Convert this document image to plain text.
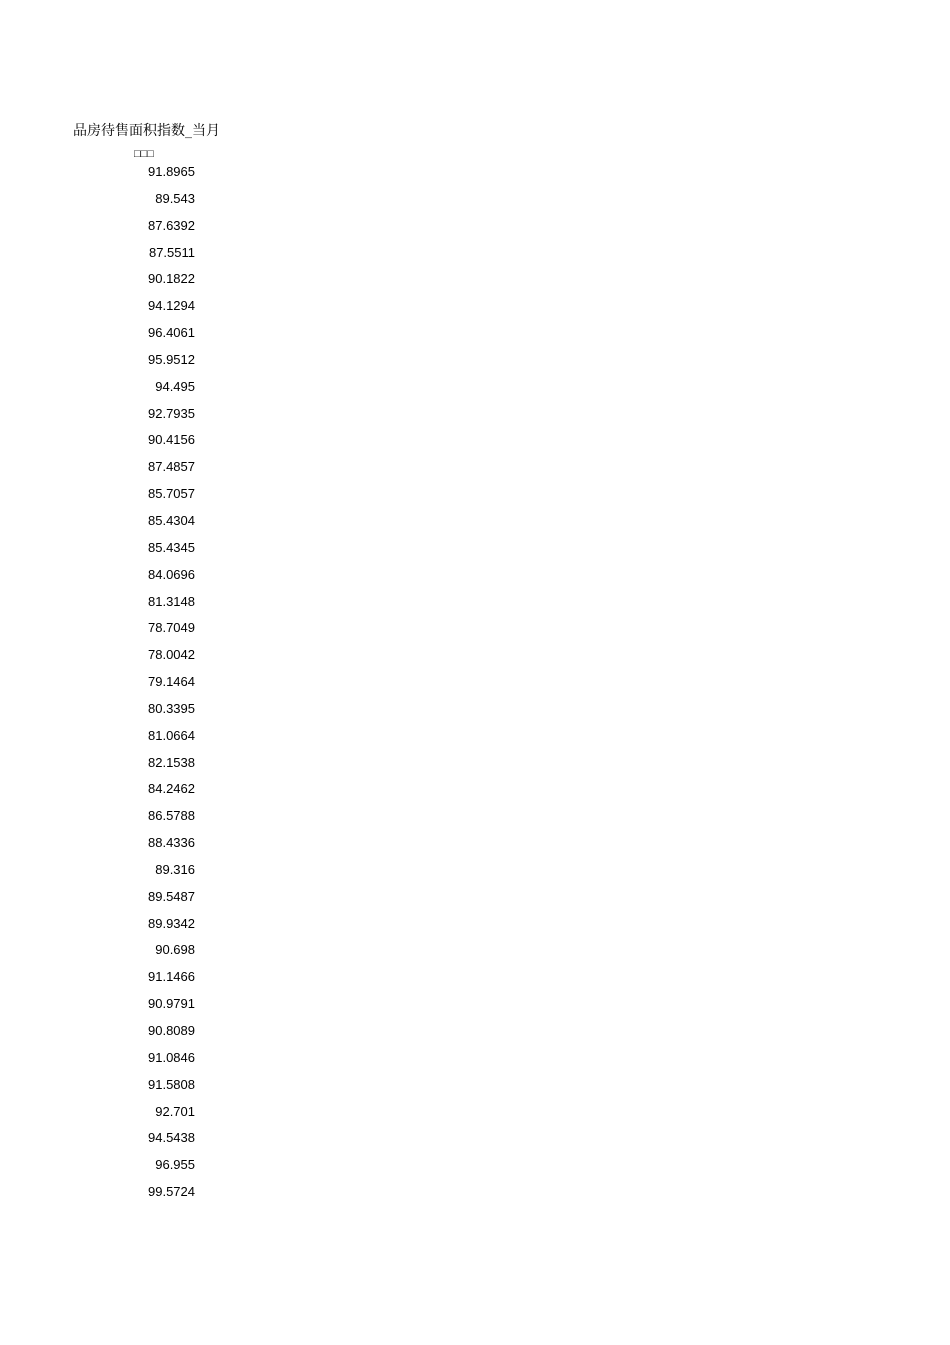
品房待售面积指数_当月
□□□
91.8965
89.543
87.6392
87.5511
90.1822
94.1294
96.4061
95.9512
94.495
92.7935
90.4156
87.4857
85.7057
85.4304
85.4345
84.0696
81.3148
78.7049
78.0042
79.1464
80.3395
81.0664
82.1538
84.2462
86.5788
88.4336
89.316
89.5487
89.9342
90.698
91.1466
90.9791
90.8089
91.0846
91.5808
92.701
94.5438
96.955
99.5724
